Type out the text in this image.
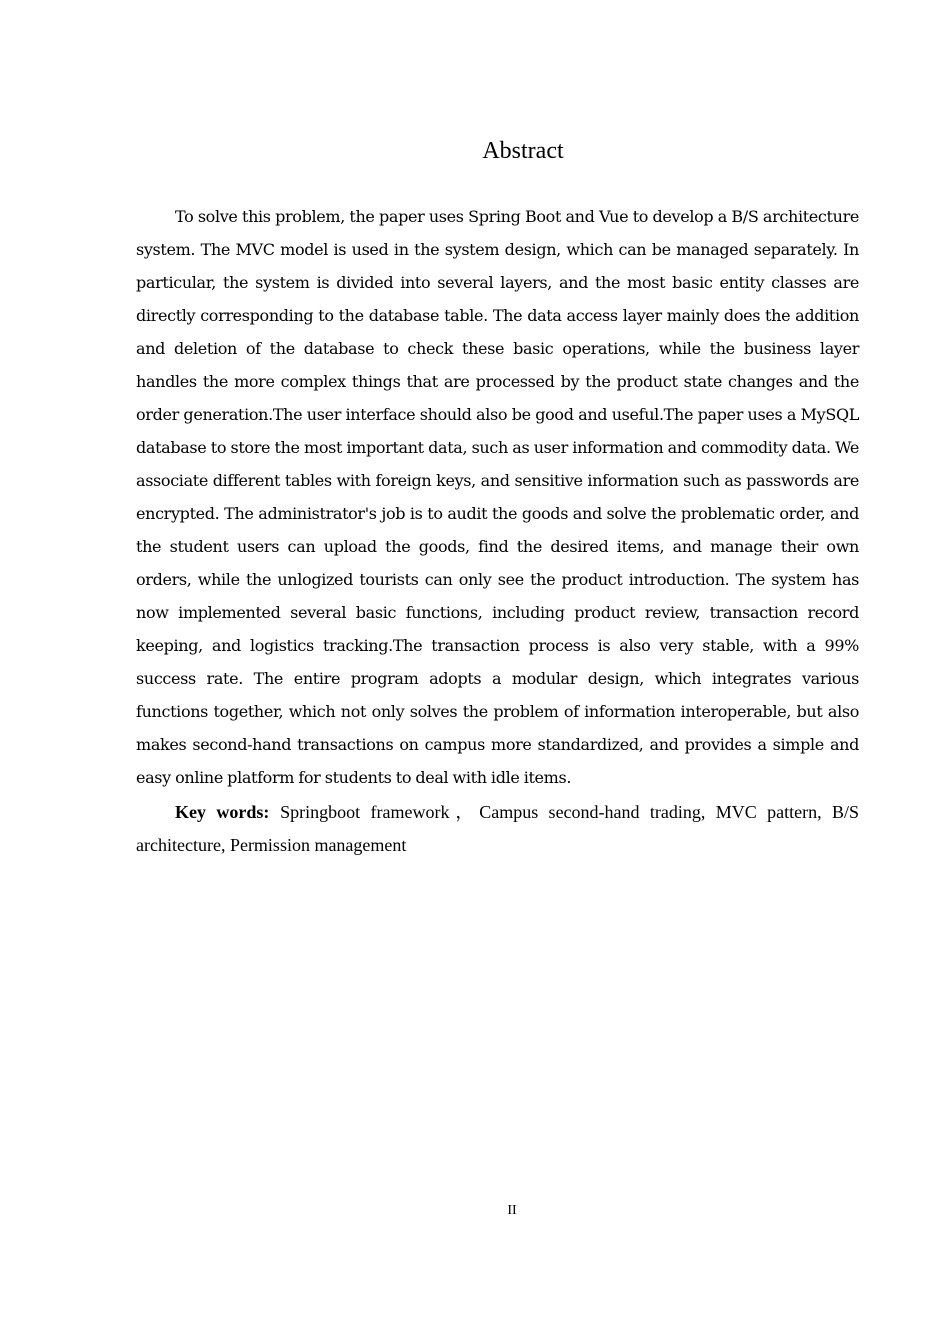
Abstract

To solve this problem, the paper uses Spring Boot and Vue to develop a B/S architecture system. The MVC model is used in the system design, which can be managed separately. In particular, the system is divided into several layers, and the most basic entity classes are directly corresponding to the database table. The data access layer mainly does the addition and deletion of the database to check these basic operations, while the business layer handles the more complex things that are processed by the product state changes and the order generation.The user interface should also be good and useful.The paper uses a MySQL database to store the most important data, such as user information and commodity data. We associate different tables with foreign keys, and sensitive information such as passwords are encrypted. The administrator's job is to audit the goods and solve the problematic order, and the student users can upload the goods, find the desired items, and manage their own orders, while the unlogized tourists can only see the product introduction. The system has now implemented several basic functions, including product review, transaction record keeping, and logistics tracking.The transaction process is also very stable, with a 99% success rate. The entire program adopts a modular design, which integrates various functions together, which not only solves the problem of information interoperable, but also makes second-hand transactions on campus more standardized, and provides a simple and easy online platform for students to deal with idle items.

Key words: Springboot framework，Campus second-hand trading, MVC pattern, B/S architecture, Permission management

II
